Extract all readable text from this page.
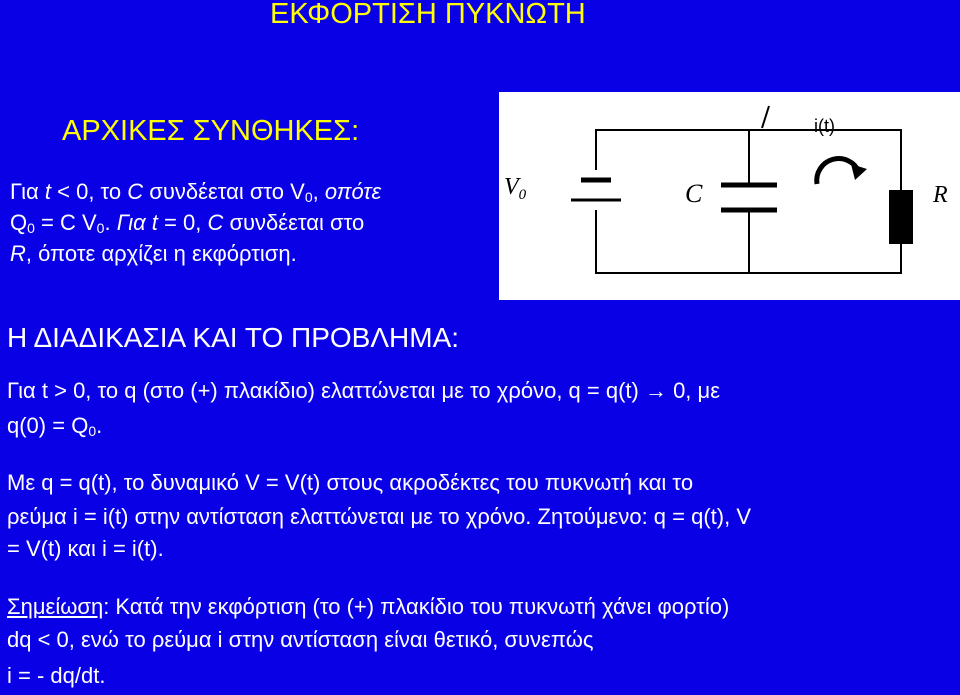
ΕΚΦΟΡΤΙΣΗ ΠΥΚΝΩΤΗ
ΑΡΧΙΚΕΣ ΣΥΝΘΗΚΕΣ:
Για t < 0, το C συνδέεται στο $V_0$, οπότε
$Q_0 = C$ $V_0$. Για t = 0, C συνδέεται στο
R, όποτε αρχίζει η εκφόρτιση.
i(t)
$V_0$	C	R
Η ΔΙΑΔΙΚΑΣΙΑ ΚΑΙ ΤΟ ΠΡΟΒΛΗΜΑ:
Για t > 0, το q (στο (+) πλακίδιο) ελαττώνεται με το χρόνο, q = q(t) → 0, με
$q(0) = Q_0$.
Με q = q(t), το δυναμικό V = V(t) στους ακροδέκτες του πυκνωτή και το
ρεύμα i = i(t) στην αντίσταση ελαττώνεται με το χρόνο. Ζητούμενο: q = q(t), V
= V(t) και i = i(t).
Σημείωση: Κατά την εκφόρτιση (το (+) πλακίδιο του πυκνωτή χάνει φορτίο)
dq < 0, ενώ το ρεύμα i στην αντίσταση είναι θετικό, συνεπώς
i = - dq/dt.
